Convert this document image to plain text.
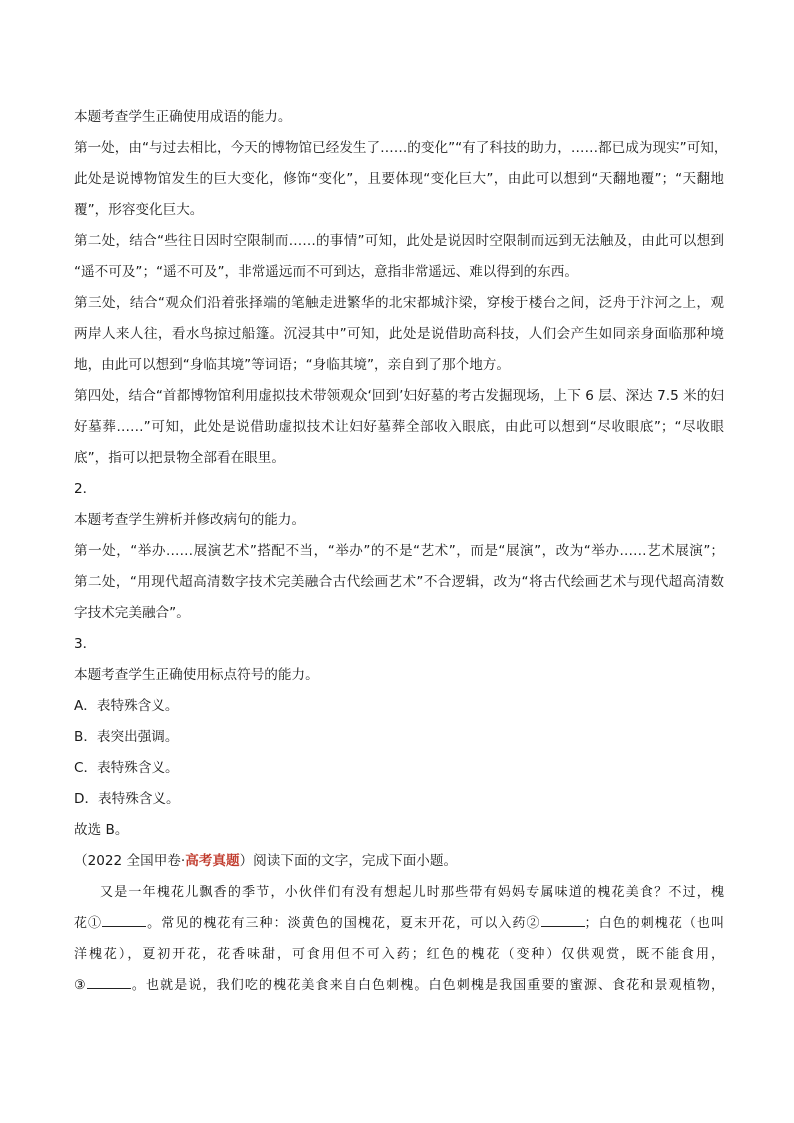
本题考查学生正确使用成语的能力。
第一处，由“与过去相比，今天的博物馆已经发生了……的变化”“有了科技的助力，……都已成为现实”可知，
此处是说博物馆发生的巨大变化，修饰“变化”，且要体现“变化巨大”，由此可以想到“天翻地覆”；“天翻地
覆”，形容变化巨大。
第二处，结合“些往日因时空限制而……的事情”可知，此处是说因时空限制而远到无法触及，由此可以想到
“遥不可及”；“遥不可及”，非常遥远而不可到达，意指非常遥远、难以得到的东西。
第三处，结合“观众们沿着张择端的笔触走进繁华的北宋都城汴梁，穿梭于楼台之间，泛舟于汴河之上，观
两岸人来人往，看水鸟掠过船篷。沉浸其中”可知，此处是说借助高科技，人们会产生如同亲身面临那种境
地，由此可以想到“身临其境”等词语；“身临其境”，亲自到了那个地方。
第四处，结合“首都博物馆利用虚拟技术带领观众‘回到’妇好墓的考古发掘现场，上下 6 层、深达 7.5 米的妇
好墓葬……”可知，此处是说借助虚拟技术让妇好墓葬全部收入眼底，由此可以想到“尽收眼底”；“尽收眼
底”，指可以把景物全部看在眼里。
2．
本题考查学生辨析并修改病句的能力。
第一处，“举办……展演艺术”搭配不当，“举办”的不是“艺术”，而是“展演”，改为“举办……艺术展演”；
第二处，“用现代超高清数字技术完美融合古代绘画艺术”不合逻辑，改为“将古代绘画艺术与现代超高清数
字技术完美融合”。
3．
本题考查学生正确使用标点符号的能力。
A．表特殊含义。
B．表突出强调。
C．表特殊含义。
D．表特殊含义。
故选 B。
（2022 全国甲卷·高考真题）阅读下面的文字，完成下面小题。
又是一年槐花儿飘香的季节，小伙伴们有没有想起儿时那些带有妈妈专属味道的槐花美食？不过，槐
花①	。常见的槐花有三种：淡黄色的国槐花，夏末开花，可以入药②	；白色的刺槐花（也叫
洋槐花），夏初开花，花香味甜，可食用但不可入药；红色的槐花（变种）仅供观赏，既不能食用，
③	。也就是说，我们吃的槐花美食来自白色刺槐。白色刺槐是我国重要的蜜源、食花和景观植物，
